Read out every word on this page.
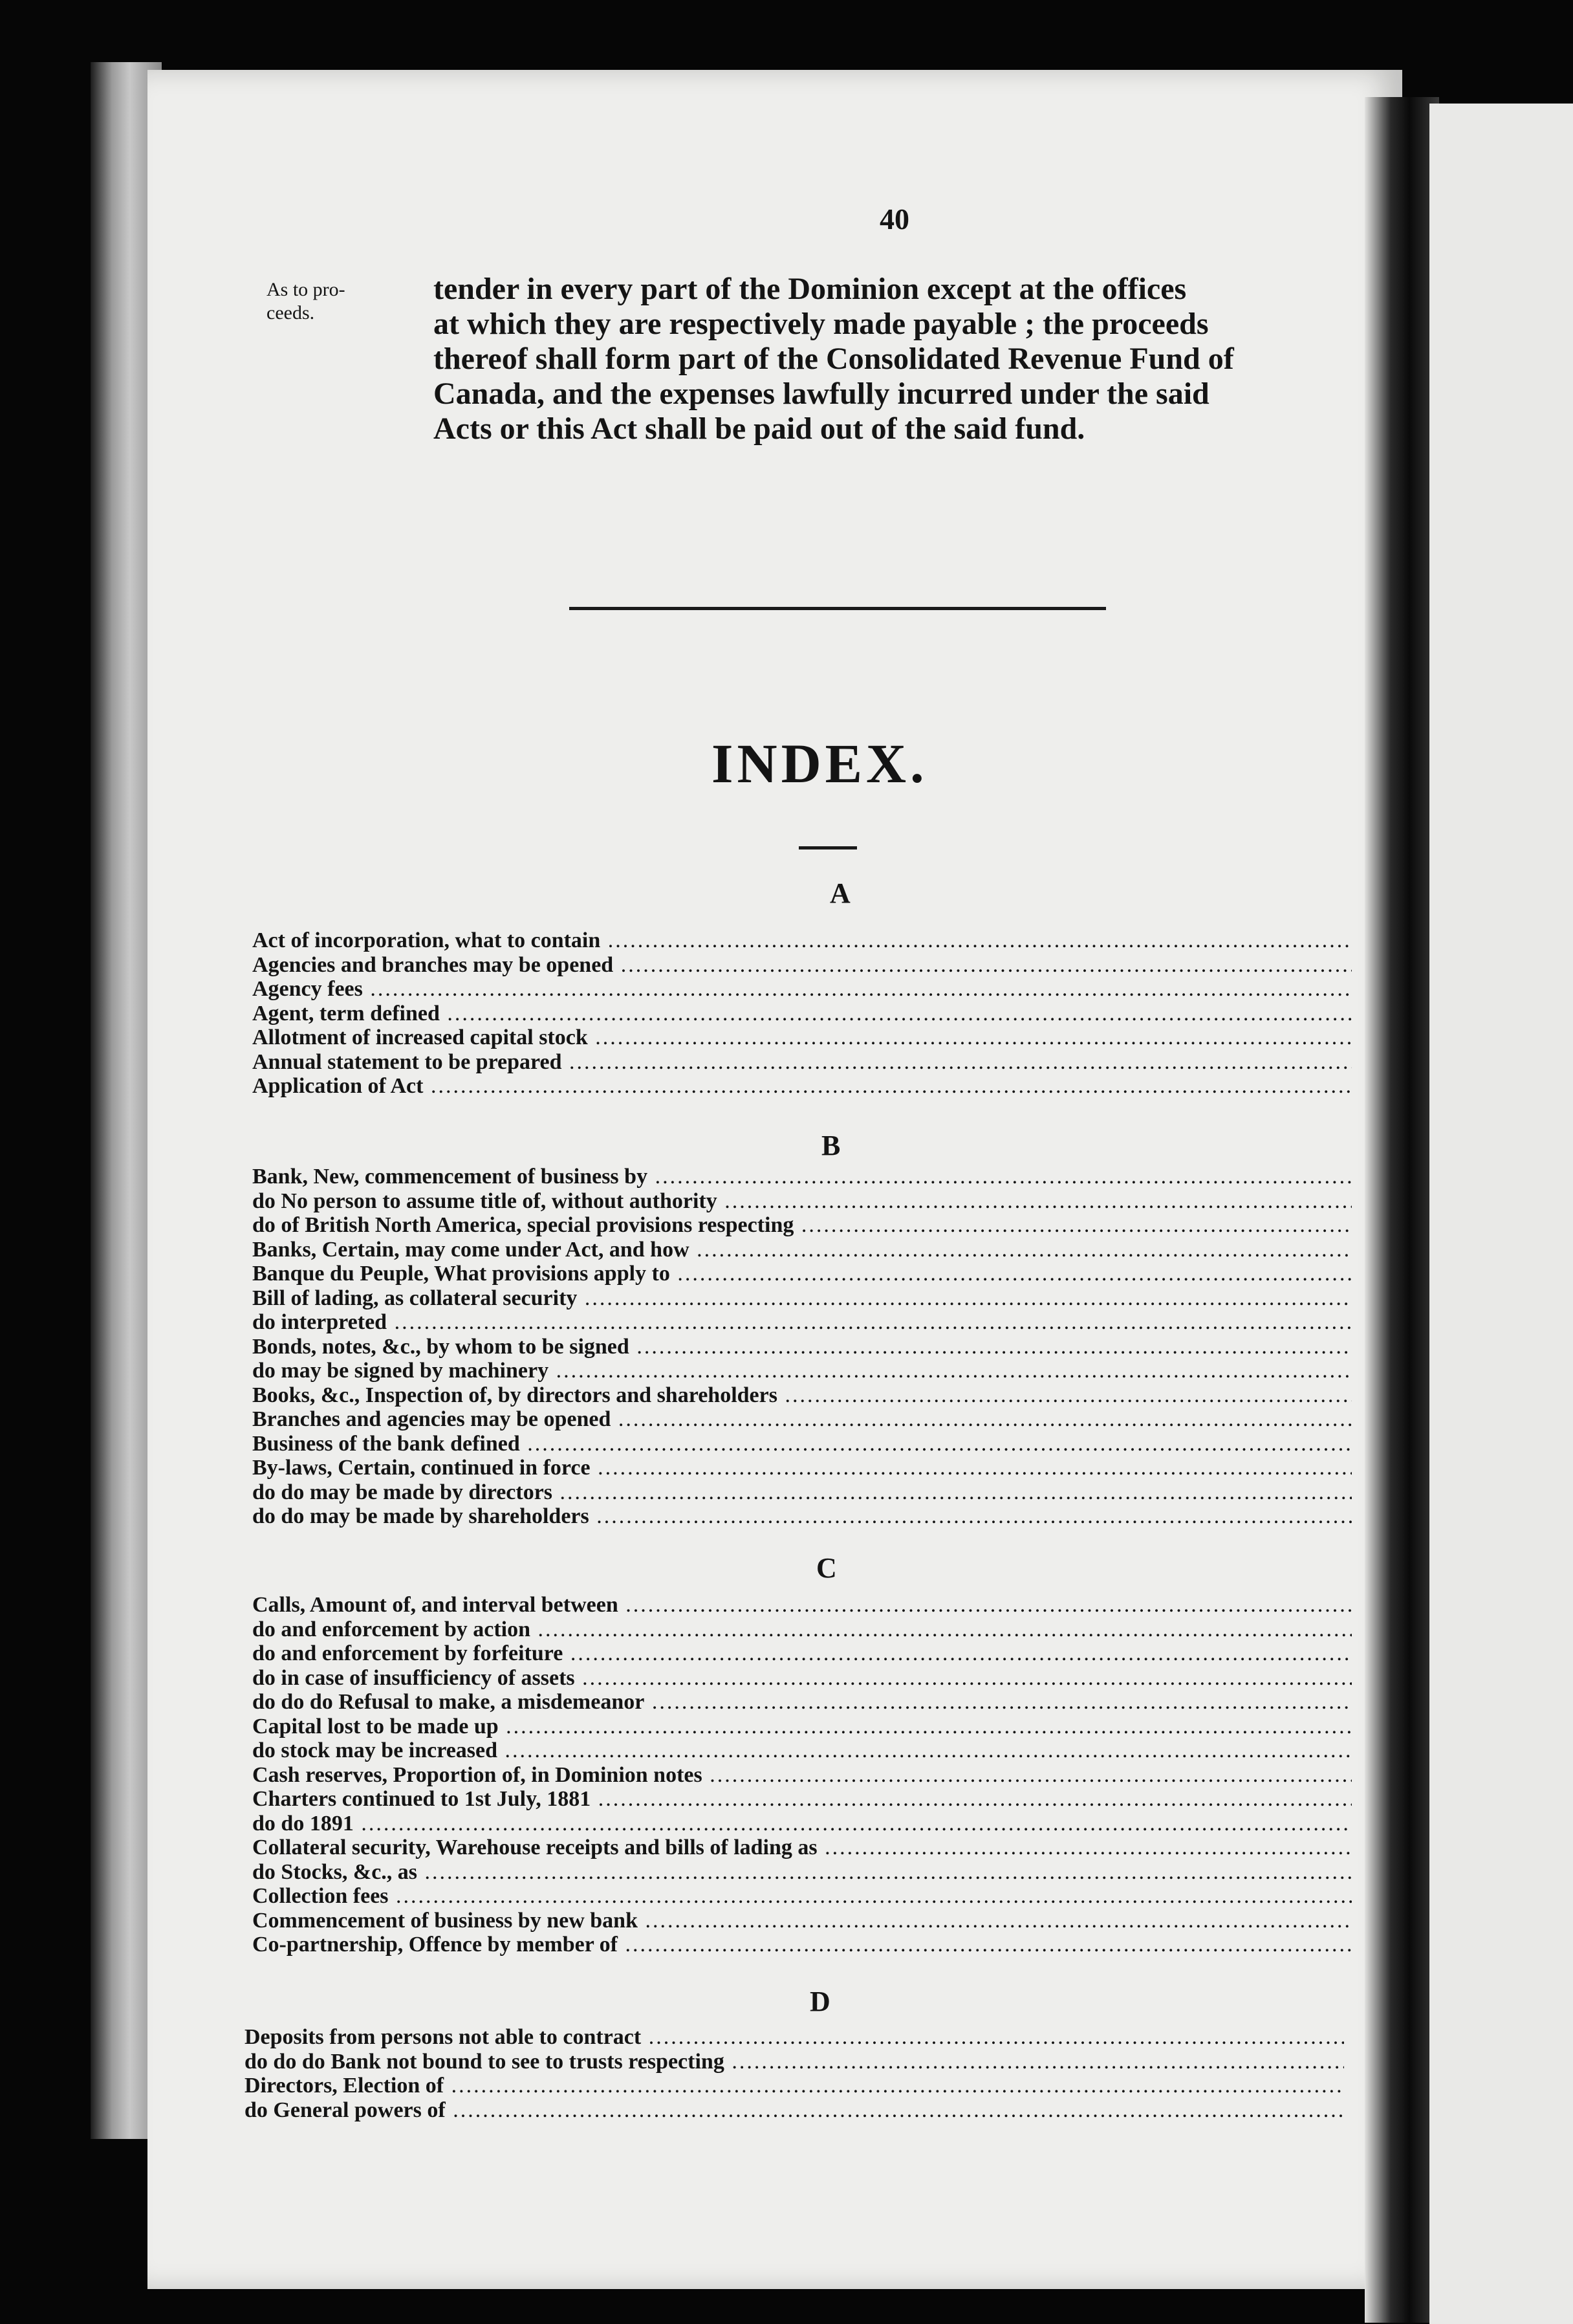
40
As to pro-
ceeds.
tender in every part of the Dominion except at the offices
at which they are respectively made payable ; the proceeds
thereof shall form part of the Consolidated Revenue Fund of
Canada, and the expenses lawfully incurred under the said
Acts or this Act shall be paid out of the said fund.
INDEX.
A
Act of incorporation, what to contain .....
Agencies and branches may be opened .....
Agency fees .....
Agent, term defined .....
Allotment of increased capital stock .....
Annual statement to be prepared .....
Application of Act .....
B
Bank, New, commencement of business by .....
do No person to assume title of, without authority .....
do of British North America, special provisions respecting .....
Banks, Certain, may come under Act, and how .....
Banque du Peuple, What provisions apply to .....
Bill of lading, as collateral security .....
do interpreted .....
Bonds, notes, &c., by whom to be signed .....
do may be signed by machinery .....
Books, &c., Inspection of, by directors and shareholders .....
Branches and agencies may be opened .....
Business of the bank defined .....
By-laws, Certain, continued in force .....
do do may be made by directors .....
do do may be made by shareholders .....
C
Calls, Amount of, and interval between .....
do and enforcement by action .....
do and enforcement by forfeiture .....
do in case of insufficiency of assets .....
do do do Refusal to make, a misdemeanor .....
Capital lost to be made up .....
do stock may be increased .....
Cash reserves, Proportion of, in Dominion notes .....
Charters continued to 1st July, 1881 .....
do do 1891 .....
Collateral security, Warehouse receipts and bills of lading as .....
do Stocks, &c., as .....
Collection fees .....
Commencement of business by new bank .....
Co-partnership, Offence by member of .....
D
Deposits from persons not able to contract .....
do do do Bank not bound to see to trusts respecting .....
Directors, Election of .....
do General powers of .....
